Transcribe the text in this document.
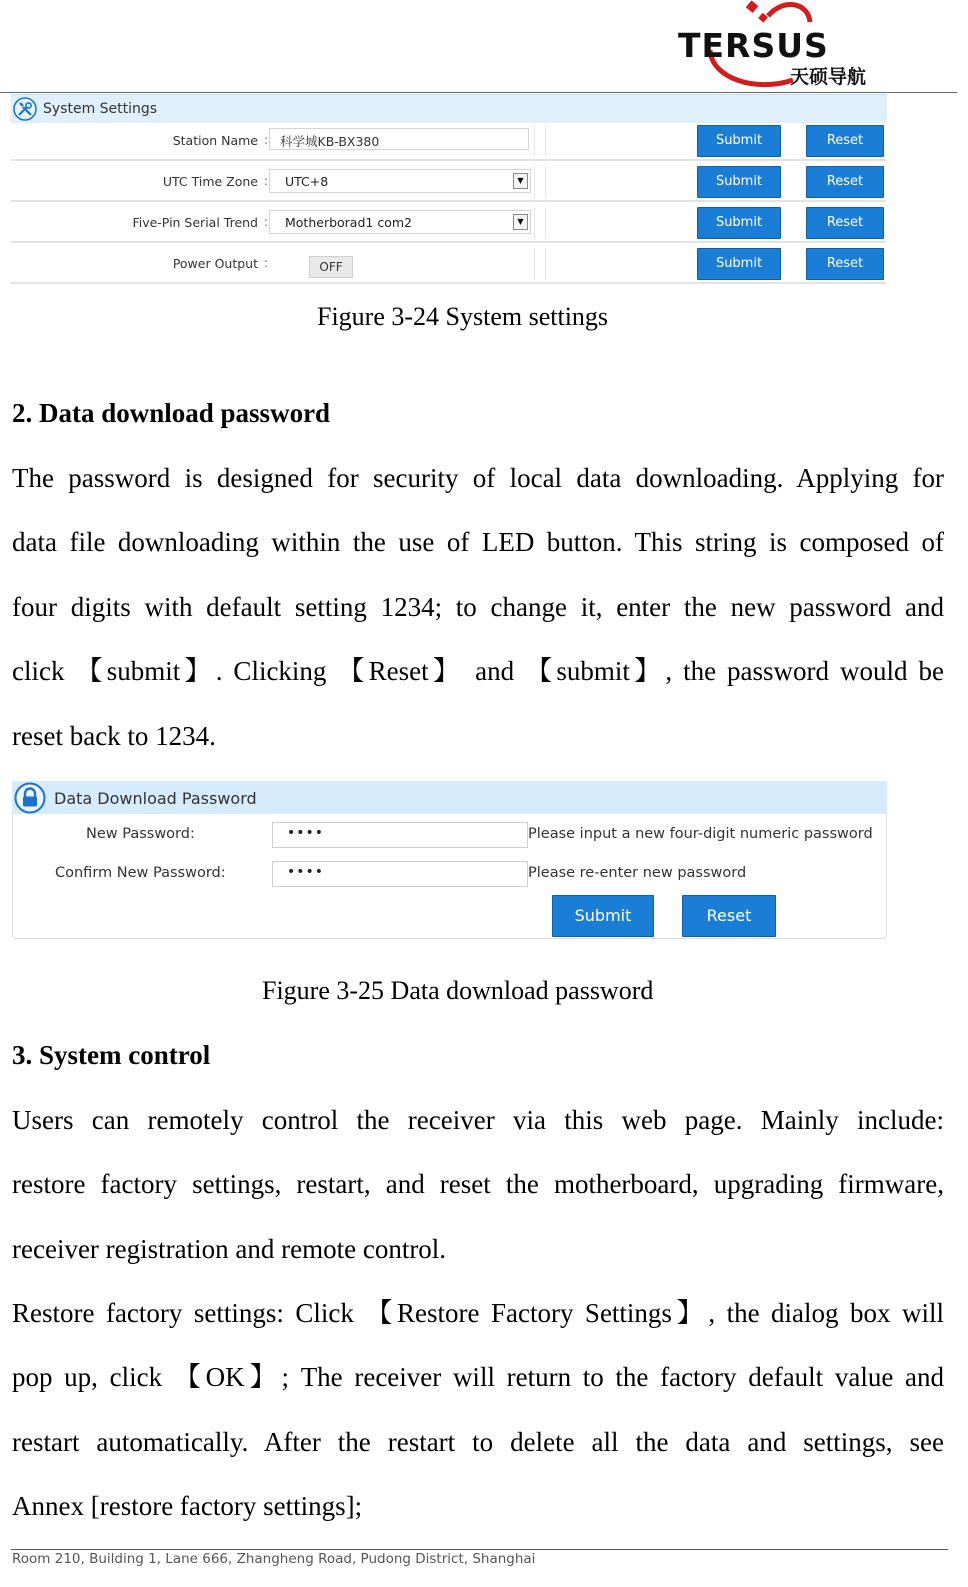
TERSUS
天硕导航
System Settings
Station Name : 科学城KB-BX380	Submit	Reset
UTC Time Zone :	UTC+8	▼	Submit	Reset
Five-Pin Serial Trend :	Motherborad1 com2	▼	Submit	Reset
Power Output :	OFF	Submit	Reset
Figure 3-24 System settings
2. Data download password
The password is designed for security of local data downloading. Applying for
data file downloading within the use of LED button. This string is composed of
four digits with default setting 1234; to change it, enter the new password and
click 【submit】. Clicking 【Reset】 and 【submit】, the password would be
reset back to 1234.
Data Download Password
New Password:	••••	Please input a new four-digit numeric password
Confirm New Password:	••••	Please re-enter new password
Submit	Reset
Figure 3-25 Data download password
3. System control
Users can remotely control the receiver via this web page. Mainly include:
restore factory settings, restart, and reset the motherboard, upgrading firmware,
receiver registration and remote control.
Restore factory settings: Click 【Restore Factory Settings】, the dialog box will
pop up, click 【OK】; The receiver will return to the factory default value and
restart automatically. After the restart to delete all the data and settings, see
Annex [restore factory settings];
Room 210, Building 1, Lane 666, Zhangheng Road, Pudong District, Shanghai
